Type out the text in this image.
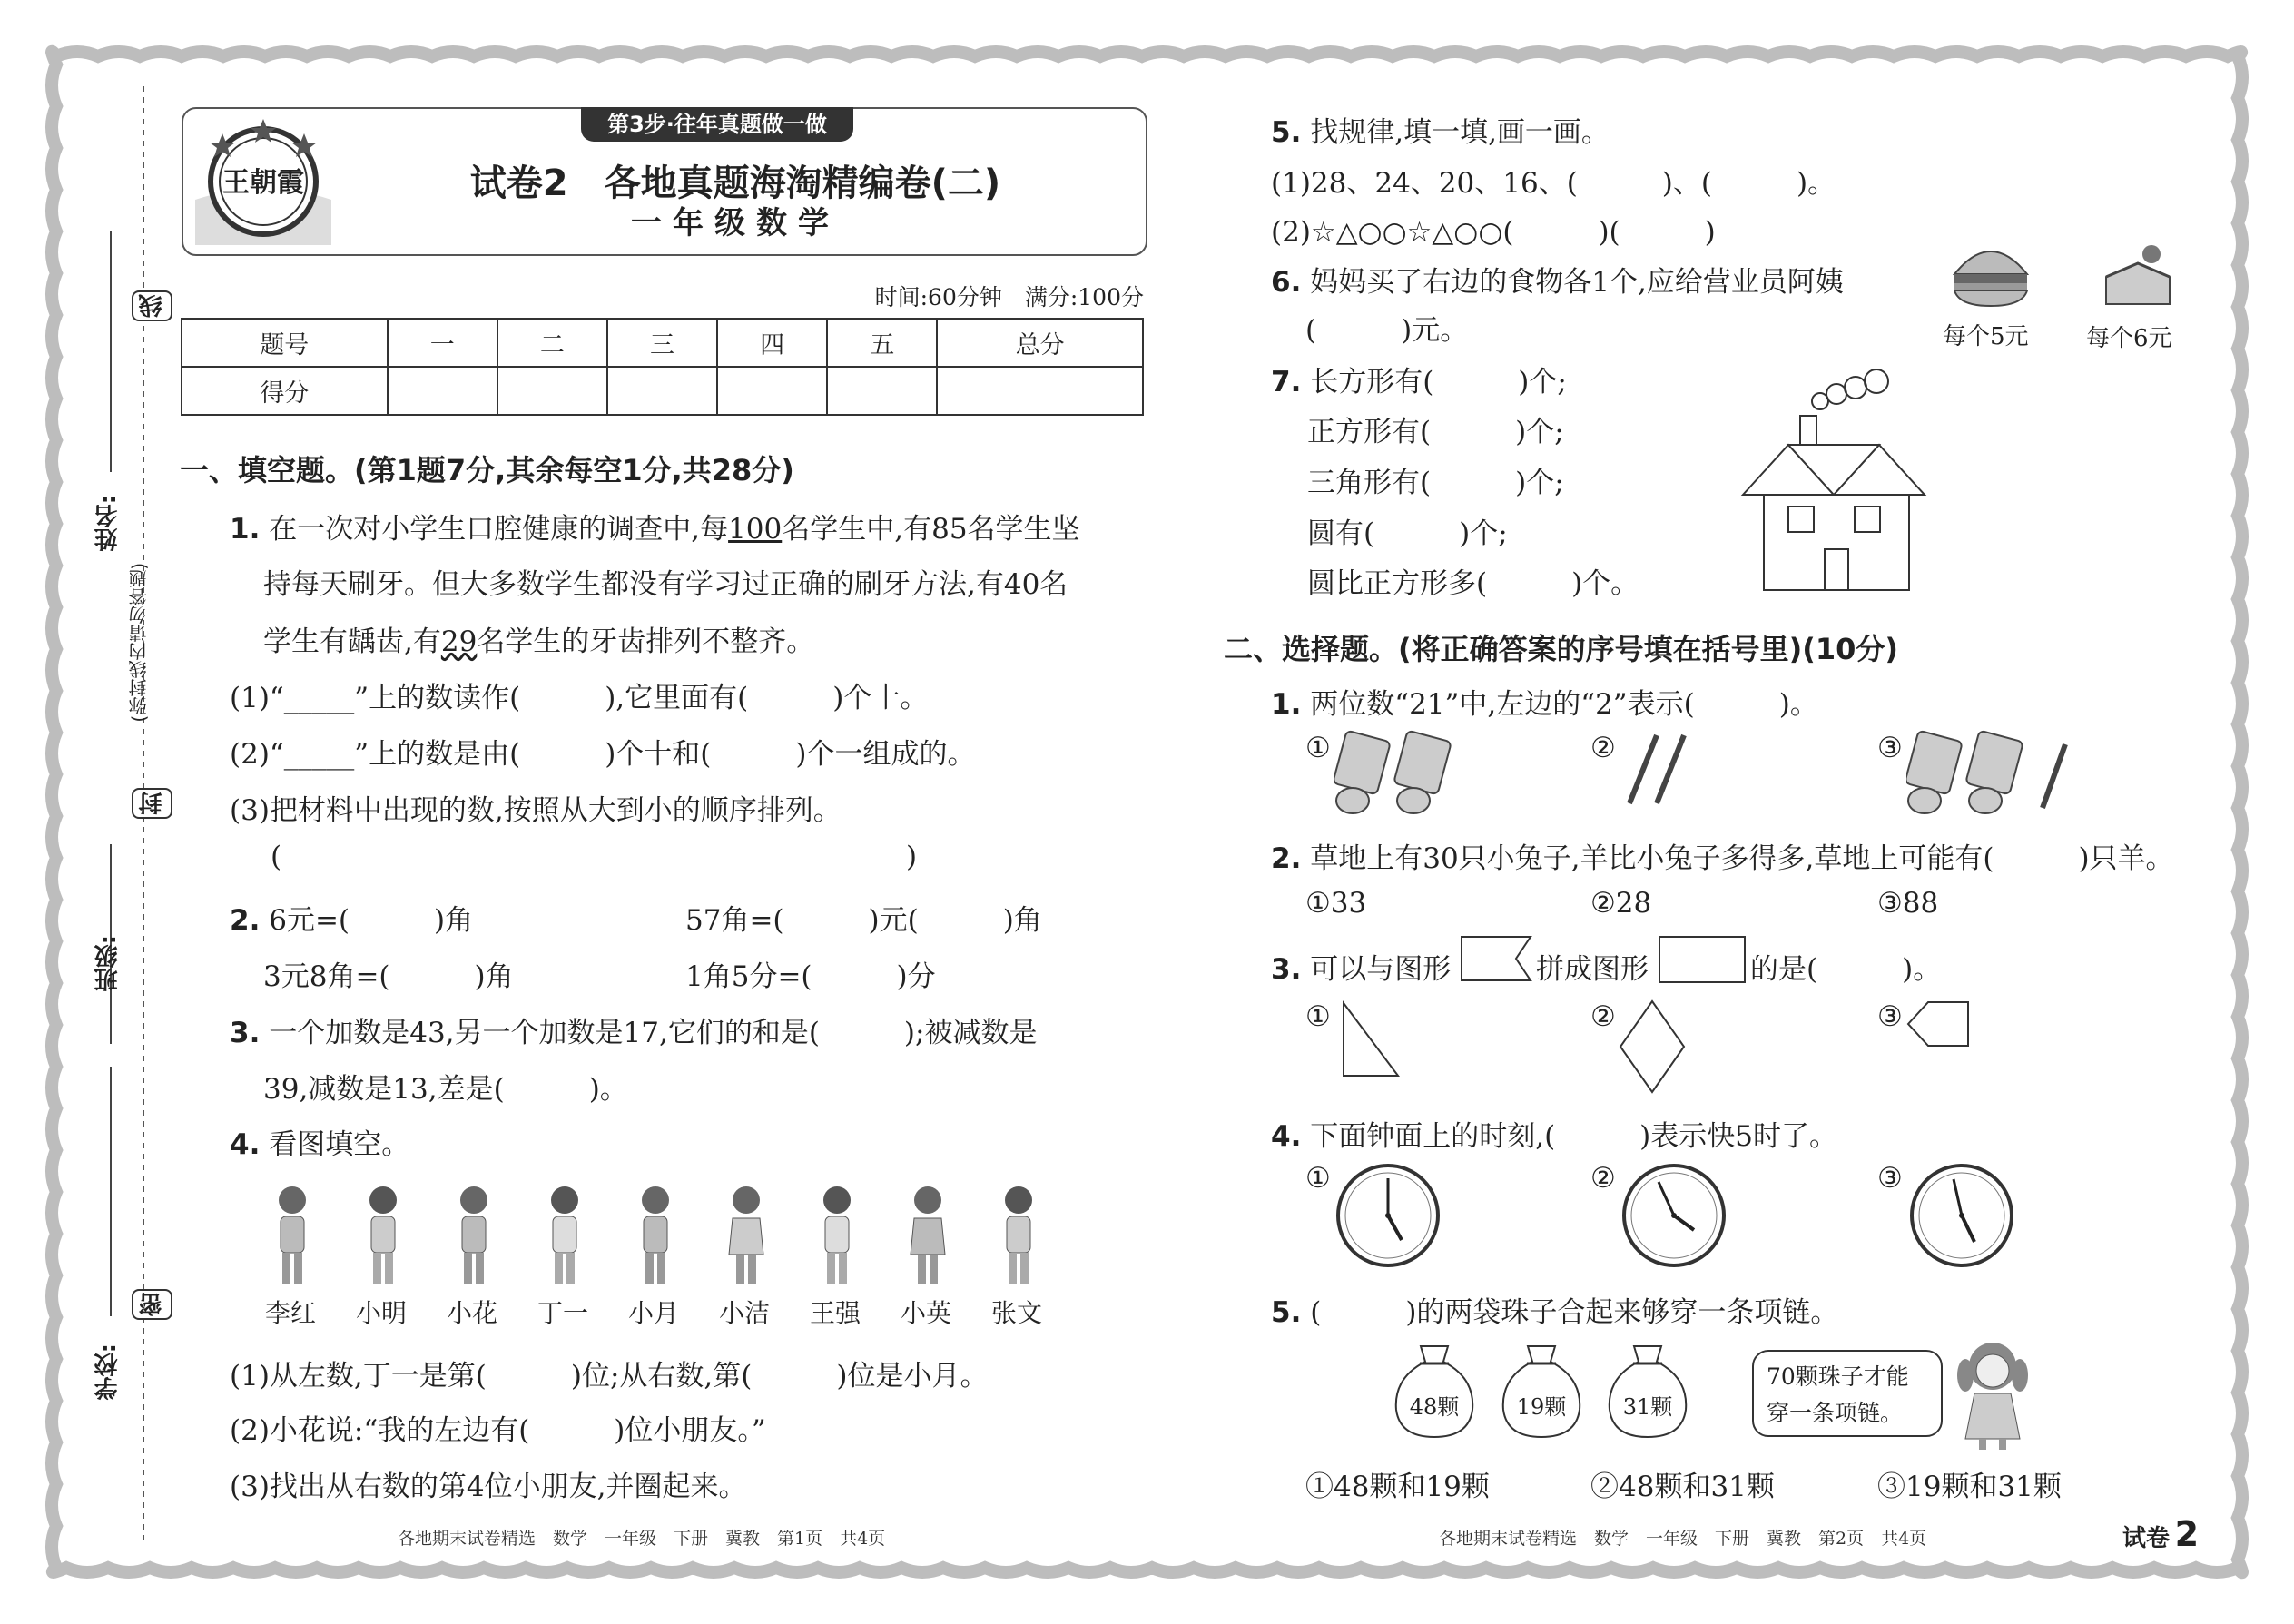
线
姓名:
(弥封线内请勿答题)
封
班级:
密
学校:
第3步·往年真题做一做
王朝霞	试卷2　各地真题海淘精编卷(二)
一年级数学
时间:60分钟　满分:100分
题号	一	二	三	四	五	总分
得分						
一、填空题。(第1题7分,其余每空1分,共28分)
1. 在一次对小学生口腔健康的调查中,每100名学生中,有85名学生坚
持每天刷牙。但大多数学生都没有学习过正确的刷牙方法,有40名
学生有龋齿,有29名学生的牙齿排列不整齐。
(1)“_____”上的数读作(　　　),它里面有(　　　)个十。
(2)“_____”上的数是由(　　　)个十和(　　　)个一组成的。
(3)把材料中出现的数,按照从大到小的顺序排列。
(	)
2. 6元=(　　　)角	57角=(　　　)元(　　　)角
3元8角=(　　　)角	1角5分=(　　　)分
3. 一个加数是43,另一个加数是17,它们的和是(　　　);被减数是
39,减数是13,差是(　　　)。
4. 看图填空。
李红 小明 小花 丁一 小月 小洁 王强 小英 张文
(1)从左数,丁一是第(　　　)位;从右数,第(　　　)位是小月。
(2)小花说:“我的左边有(　　　)位小朋友。”
(3)找出从右数的第4位小朋友,并圈起来。
各地期末试卷精选　数学　一年级　下册　冀教　第1页　共4页
5. 找规律,填一填,画一画。
(1)28、24、20、16、(　　　)、(　　　)。
(2)☆△○○☆△○○(　　　)(　　　)
6. 妈妈买了右边的食物各1个,应给营业员阿姨
(　　　)元。	每个5元 每个6元
7. 长方形有(　　　)个;
正方形有(　　　)个;
三角形有(　　　)个;
圆有(　　　)个;
圆比正方形多(　　　)个。
二、选择题。(将正确答案的序号填在括号里)(10分)
1. 两位数“21”中,左边的“2”表示(　　　)。
①	②	③
2. 草地上有30只小兔子,羊比小兔子多得多,草地上可能有(　　　)只羊。
①33	②28	③88
3. 可以与图形	拼成图形	的是(　　　)。
①	②	③
4. 下面钟面上的时刻,(　　　)表示快5时了。
①	②	③
5. (　　　)的两袋珠子合起来够穿一条项链。
48颗	19颗	31颗
70颗珠子才能穿一条项链。
①48颗和19颗	②48颗和31颗	③19颗和31颗
各地期末试卷精选　数学　一年级　下册　冀教　第2页　共4页	试卷 2
